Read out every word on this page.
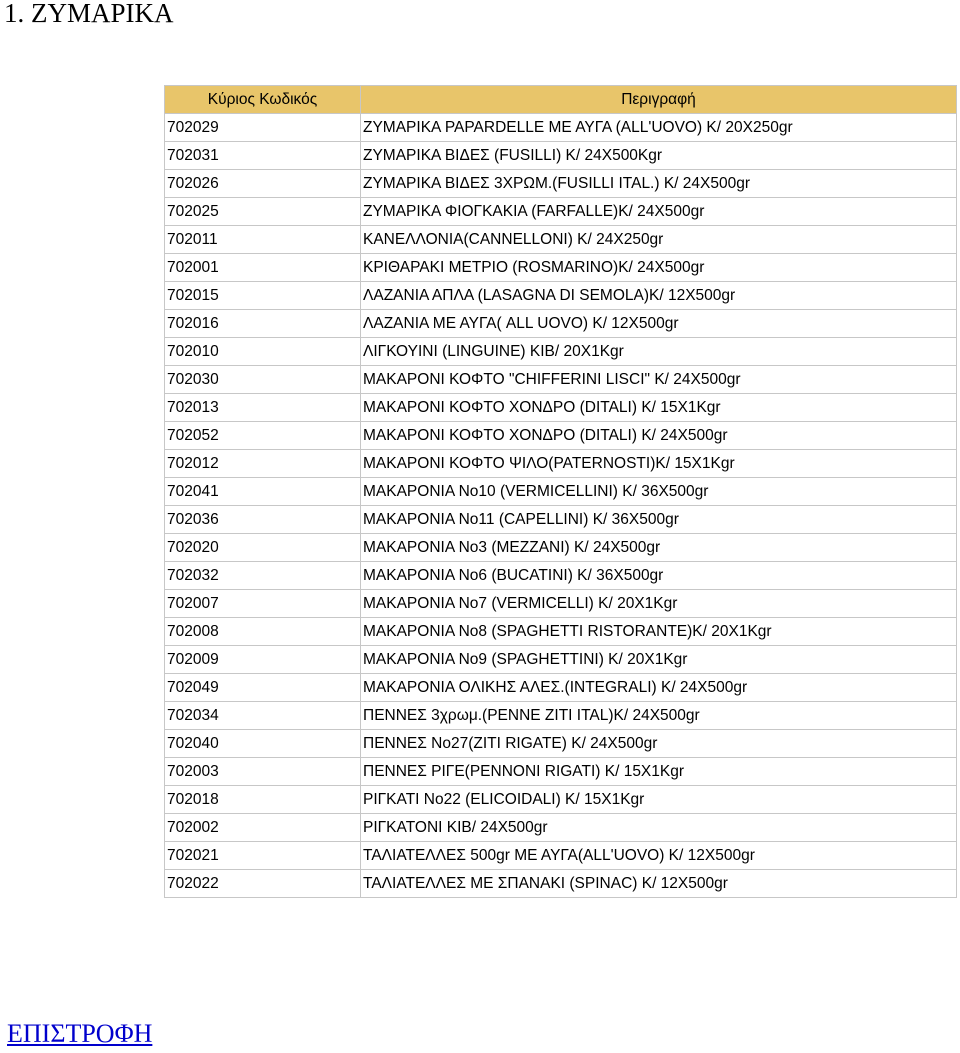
1. ΖΥΜΑΡΙΚΑ
Κύριος Κωδικός	Περιγραφή
702029	ΖΥΜΑΡΙΚΑ PAPARDELLE ΜΕ ΑΥΓΑ (ALL'UOVO) Κ/ 20Χ250gr
702031	ΖΥΜΑΡΙΚΑ ΒΙΔΕΣ (FUSILLI) Κ/ 24Χ500Kgr
702026	ΖΥΜΑΡΙΚΑ ΒΙΔΕΣ 3ΧΡΩΜ.(FUSILLI ITAL.) Κ/ 24Χ500gr
702025	ΖΥΜΑΡΙΚΑ ΦΙΟΓΚΑΚΙΑ (FARFALLE)Κ/ 24Χ500gr
702011	ΚΑΝΕΛΛΟΝΙΑ(CANNELLONI) Κ/ 24Χ250gr
702001	ΚΡΙΘΑΡΑΚΙ ΜΕΤΡΙΟ (ROSMARINO)Κ/ 24Χ500gr
702015	ΛΑΖΑΝΙΑ ΑΠΛΑ (LASAGNA DI SEMOLA)Κ/ 12Χ500gr
702016	ΛΑΖΑΝΙΑ ΜΕ ΑΥΓΑ( ALL UOVO) Κ/ 12Χ500gr
702010	ΛΙΓΚΟΥΙΝΙ (LINGUINE) ΚΙΒ/ 20Χ1Kgr
702030	ΜΑΚΑΡΟΝΙ ΚΟΦΤΟ "CHIFFERINI LISCI" Κ/ 24Χ500gr
702013	ΜΑΚΑΡΟΝΙ ΚΟΦΤΟ ΧΟΝΔΡΟ (DITALI) Κ/ 15Χ1Kgr
702052	ΜΑΚΑΡΟΝΙ ΚΟΦΤΟ ΧΟΝΔΡΟ (DITALI) Κ/ 24Χ500gr
702012	ΜΑΚΑΡΟΝΙ ΚΟΦΤΟ ΨΙΛΟ(PATERNOSTI)Κ/ 15Χ1Kgr
702041	ΜΑΚΑΡΟΝΙΑ Νο10 (VERMICELLINI) Κ/ 36Χ500gr
702036	ΜΑΚΑΡΟΝΙΑ Νο11 (CAPELLINI) Κ/ 36Χ500gr
702020	ΜΑΚΑΡΟΝΙΑ Νο3 (MEZZANI) Κ/ 24Χ500gr
702032	ΜΑΚΑΡΟΝΙΑ Νο6 (BUCATINI) Κ/ 36Χ500gr
702007	ΜΑΚΑΡΟΝΙΑ Νο7 (VERMICELLI) Κ/ 20Χ1Kgr
702008	ΜΑΚΑΡΟΝΙΑ Νο8 (SPAGHETTI RISTORANTE)Κ/ 20Χ1Kgr
702009	ΜΑΚΑΡΟΝΙΑ Νο9 (SPAGHETTINI) Κ/ 20Χ1Kgr
702049	ΜΑΚΑΡΟΝΙΑ ΟΛΙΚΗΣ ΑΛΕΣ.(INTEGRALI) Κ/ 24Χ500gr
702034	ΠΕΝΝΕΣ 3χρωμ.(PENNE ZITI ITAL)Κ/ 24Χ500gr
702040	ΠΕΝΝΕΣ Νο27(ZITI RIGATE) Κ/ 24Χ500gr
702003	ΠΕΝΝΕΣ ΡΙΓΕ(PENNONI RIGATI) Κ/ 15Χ1Kgr
702018	ΡΙΓΚΑΤΙ Νο22 (ELICOIDALI) Κ/ 15Χ1Kgr
702002	ΡΙΓΚΑΤΟΝΙ ΚΙΒ/ 24Χ500gr
702021	ΤΑΛΙΑΤΕΛΛΕΣ 500gr ΜΕ ΑΥΓΑ(ALL'UOVO) Κ/ 12Χ500gr
702022	ΤΑΛΙΑΤΕΛΛΕΣ ΜΕ ΣΠΑΝΑΚΙ (SPINAC) Κ/ 12Χ500gr
ΕΠΙΣΤΡΟΦΗ
